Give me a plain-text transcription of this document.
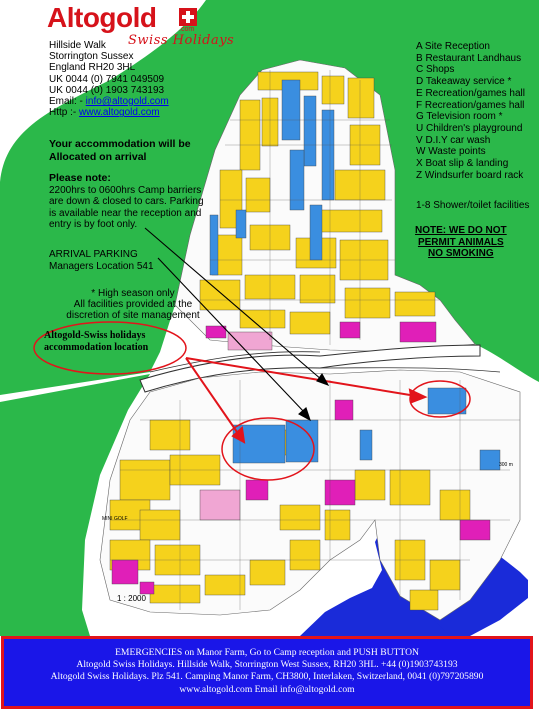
MINI GOLF
300 m
Altogold	.com
Swiss Holidays
Hillside Walk
Storrington Sussex
England RH20 3HL
UK 0044 (0) 7941 049509
UK 0044 (0) 1903 743193
Email: - info@altogold.com
Http :- www.altogold.com
Your accommodation will be
Allocated on arrival
Please note:
2200hrs to 0600hrs Camp barriers
are down & closed to cars. Parking
is available near the reception and
entry is by foot only.
ARRIVAL PARKING
Managers Location 541
* High season only
All facilities provided at the
discretion of site management
Altogold-Swiss holidays
accommodation location
A Site Reception
B Restaurant Landhaus
C Shops
D Takeaway service *
E Recreation/games hall
F Recreation/games hall
G Television room *
U Children's playground
V D.I.Y car wash
W Waste points
X Boat slip & landing
Z Windsurfer board rack
1-8 Shower/toilet facilities
NOTE: WE DO NOT
PERMIT ANIMALS
NO SMOKING
1 : 2000
EMERGENCIES on Manor Farm, Go to Camp reception and PUSH BUTTON
Altogold Swiss Holidays. Hillside Walk, Storrington West Sussex, RH20 3HL. +44 (0)1903743193
Altogold Swiss Holidays. Plz 541. Camping Manor Farm, CH3800, Interlaken, Switzerland, 0041 (0)797205890
www.altogold.com Email info@altogold.com
